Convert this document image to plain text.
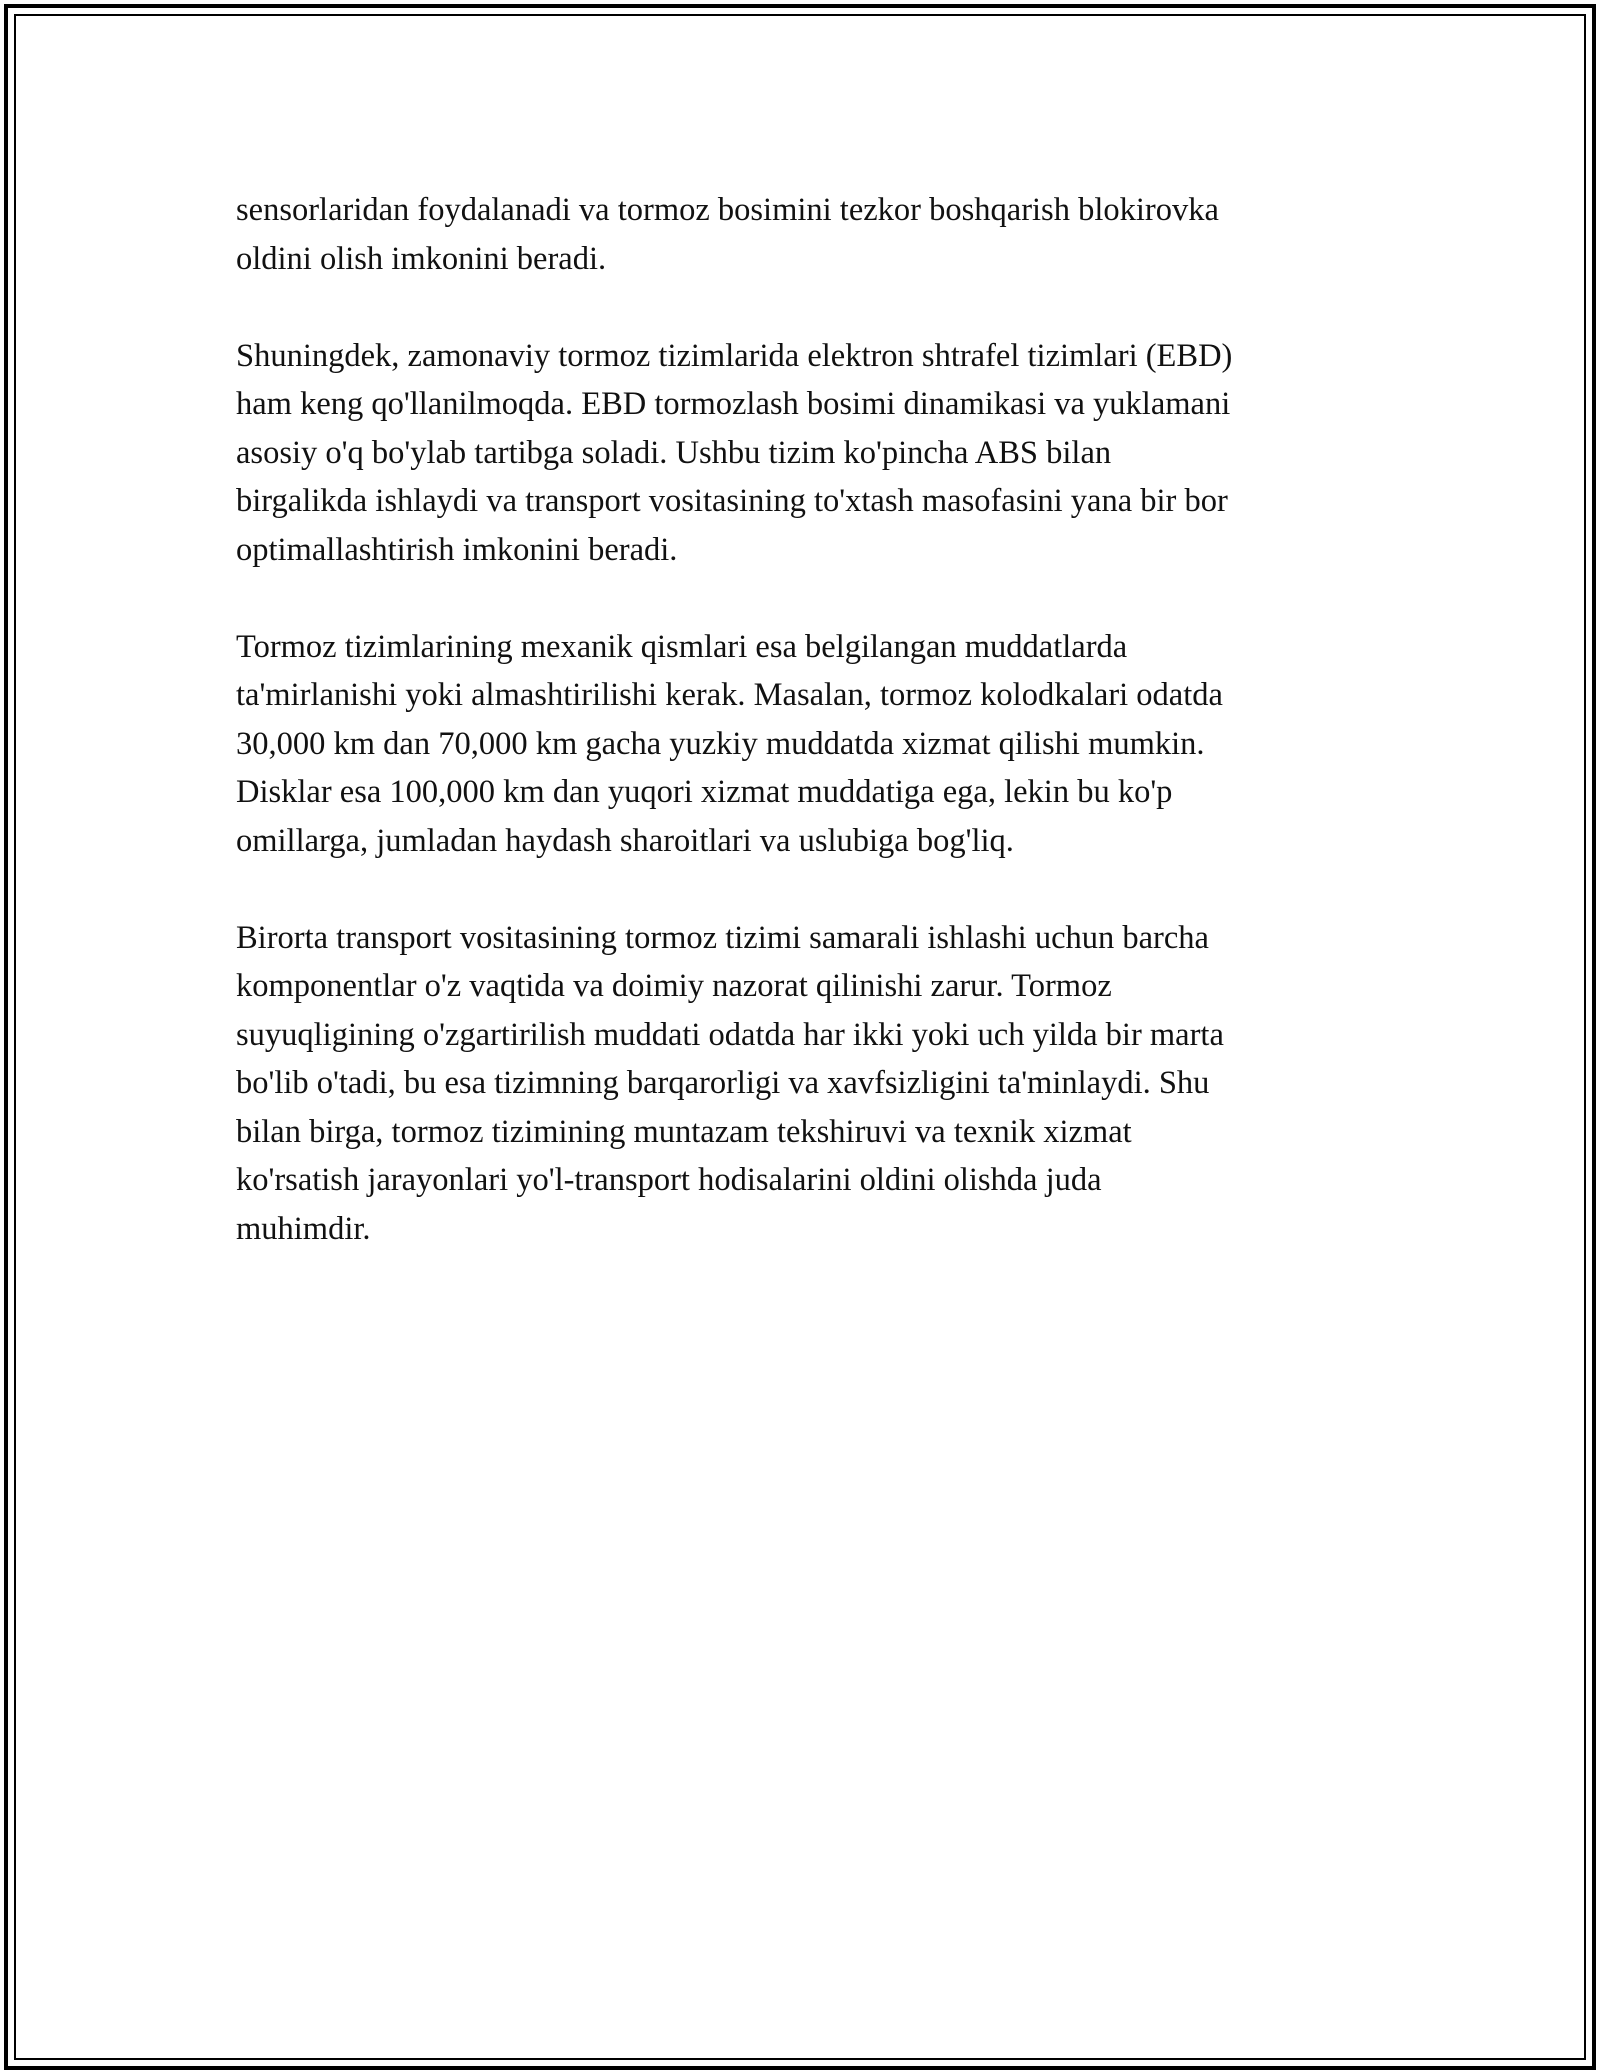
sensorlaridan foydalanadi va tormoz bosimini tezkor boshqarish blokirovka
oldini olish imkonini beradi.

Shuningdek, zamonaviy tormoz tizimlarida elektron shtrafel tizimlari (EBD)
ham keng qo'llanilmoqda. EBD tormozlash bosimi dinamikasi va yuklamani
asosiy o'q bo'ylab tartibga soladi. Ushbu tizim ko'pincha ABS bilan
birgalikda ishlaydi va transport vositasining to'xtash masofasini yana bir bor
optimallashtirish imkonini beradi.

Tormoz tizimlarining mexanik qismlari esa belgilangan muddatlarda
ta'mirlanishi yoki almashtirilishi kerak. Masalan, tormoz kolodkalari odatda
30,000 km dan 70,000 km gacha yuzkiy muddatda xizmat qilishi mumkin.
Disklar esa 100,000 km dan yuqori xizmat muddatiga ega, lekin bu ko'p
omillarga, jumladan haydash sharoitlari va uslubiga bog'liq.

Birorta transport vositasining tormoz tizimi samarali ishlashi uchun barcha
komponentlar o'z vaqtida va doimiy nazorat qilinishi zarur. Tormoz
suyuqligining o'zgartirilish muddati odatda har ikki yoki uch yilda bir marta
bo'lib o'tadi, bu esa tizimning barqarorligi va xavfsizligini ta'minlaydi. Shu
bilan birga, tormoz tizimining muntazam tekshiruvi va texnik xizmat
ko'rsatish jarayonlari yo'l-transport hodisalarini oldini olishda juda
muhimdir.
